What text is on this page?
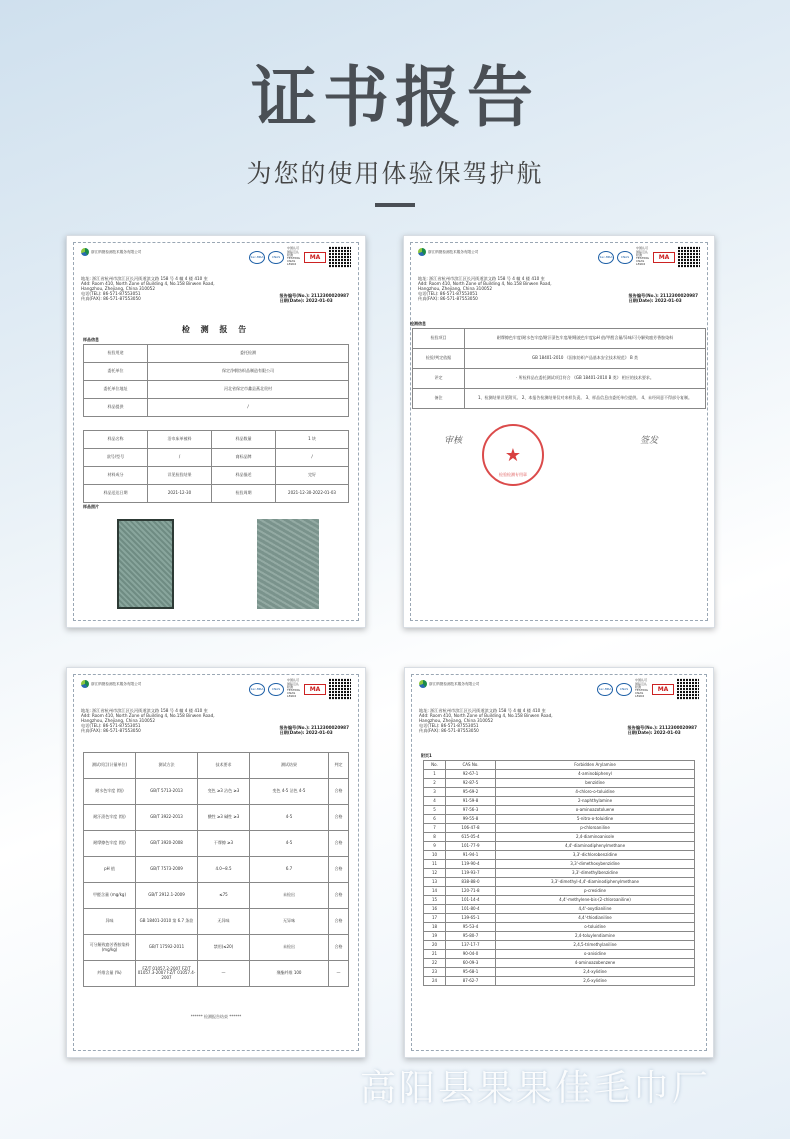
证书报告
为您的使用体验保驾护航
浙江纳捷检测技术服务有限公司
ilac-MRA	CNAS
中国认可 国际互认 检测 TESTING CNAS L8902
MA
地址: 浙江省杭州市滨江区长河街道滨文路 158 号 4 幢 4 楼 410 室
Add: Room 410, North Zone of Building 4, No.158 Binwen Road,
Hangzhou, Zhejiang, China 310052
电话(TEL): 86-571-87553051
传真(FAX): 86-571-87553050
报告编号(No.): 2112300020987
日期(Date): 2022-01-03
检 测 报 告
样品信息
检验用途	委托检测
委托单位	保定净朝纺织品制造有限公司
委托单位地址	河北省保定市蠡县燕北贵村
样品提供	/
样品名称	浴巾床单被料	样品数量	1 块
款号/型号	/	商标品牌	/
材料成分	详见检验结果	样品描述	完好
样品送达日期	2021-12-30	检验周期	2021-12-30-2022-01-03
样品照片
浙江纳捷检测技术服务有限公司
ilac-MRA	CNAS
中国认可 国际互认 检测 TESTING CNAS L8902
MA
地址: 浙江省杭州市滨江区长河街道滨文路 158 号 4 幢 4 楼 410 室
Add: Room 410, North Zone of Building 4, No.158 Binwen Road,
Hangzhou, Zhejiang, China 310052
电话(TEL): 86-571-87553051
传真(FAX): 86-571-87553050
报告编号(No.): 2112300020987
日期(Date): 2022-01-03
检测信息
检验项目	耐摩擦色牢度/耐水色牢度/耐汗渍色牢度/耐唾液色牢度/pH 值/甲醛含量/异味/可分解致癌芳香胺染料
检验/判定依据	GB 18401-2010 《国家纺织产品基本安全技术规范》 B 类
评定	· 所检样品在委托测试项目符合 《GB 18401-2010 B 类》 相应的技术要求。
备注	1、检测结果详见附页。 2、本报告检测结果仅对来样负责。 3、样品信息由委托单位提供。 4、未经同意不得部分复制。
审核	签发
★
检验检测专用章
浙江纳捷检测技术服务有限公司
ilac-MRA	CNAS
中国认可 国际互认 检测 TESTING CNAS L8902
MA
地址: 浙江省杭州市滨江区长河街道滨文路 158 号 4 幢 4 楼 410 室
Add: Room 410, North Zone of Building 4, No.158 Binwen Road,
Hangzhou, Zhejiang, China 310052
电话(TEL): 86-571-87553051
传真(FAX): 86-571-87553050
报告编号(No.): 2112300020987
日期(Date): 2022-01-03
测试项目(计量单位)	测试方法	技术要求	测试结果	判定
耐水色牢度 (级)	GB/T 5713-2013	变色 ≥3 沾色 ≥3	变色 4-5 沾色 4-5	合格
耐汗渍色牢度 (级)	GB/T 3922-2013	酸性 ≥3 碱性 ≥3	4-5	合格
耐摩擦色牢度 (级)	GB/T 3920-2008	干摩擦 ≥3	4-5	合格
pH 值	GB/T 7573-2009	4.0~8.5	6.7	合格
甲醛含量 (mg/kg)	GB/T 2912.1-2009	≤75	未检出	合格
异味	GB 18401-2010 第 6.7 条款	无异味	无异味	合格
可分解致癌芳香胺染料 (mg/kg)	GB/T 17592-2011	禁用(≤20)	未检出	合格
纤维含量 (%)	FZ/T 01057.2-2007 FZ/T 01057.3-2007 FZ/T 01057.4-2007	—	聚酯纤维 100	—
****** 检测报告结束 ******
浙江纳捷检测技术服务有限公司
ilac-MRA	CNAS
中国认可 国际互认 检测 TESTING CNAS L8902
MA
地址: 浙江省杭州市滨江区长河街道滨文路 158 号 4 幢 4 楼 410 室
Add: Room 410, North Zone of Building 4, No.158 Binwen Road,
Hangzhou, Zhejiang, China 310052
电话(TEL): 86-571-87553051
传真(FAX): 86-571-87553050
报告编号(No.): 2112300020987
日期(Date): 2022-01-03
附页1
No.	CAS No.	Forbidden Arylamine
1	92-67-1	4-aminobiphenyl
2	92-87-5	benzidine
3	95-69-2	4-chloro-o-toluidine
4	91-59-8	2-naphthylamine
5	97-56-3	o-aminoazotoluene
6	99-55-8	5-nitro-o-toluidine
7	106-47-8	p-chloroaniline
8	615-05-4	2,4-diaminoanisole
9	101-77-9	4,4'-diaminodiphenylmethane
10	91-94-1	3,3'-dichlorobenzidine
11	119-90-4	3,3'-dimethoxybenzidine
12	119-93-7	3,3'-dimethylbenzidine
13	838-88-0	3,3'-dimethyl-4,4'-diaminodiphenylmethane
14	120-71-8	p-cresidine
15	101-14-4	4,4'-methylene-bis-(2-chloroaniline)
16	101-80-4	4,4'-oxydianiline
17	139-65-1	4,4'-thiodianiline
18	95-53-4	o-toluidine
19	95-80-7	2,4-toluylendiamine
20	137-17-7	2,4,5-trimethylaniline
21	90-04-0	o-anisidine
22	60-09-3	4-aminoazobenzene
23	95-68-1	2,4-xylidine
24	87-62-7	2,6-xylidine
高阳县果果佳毛巾厂
